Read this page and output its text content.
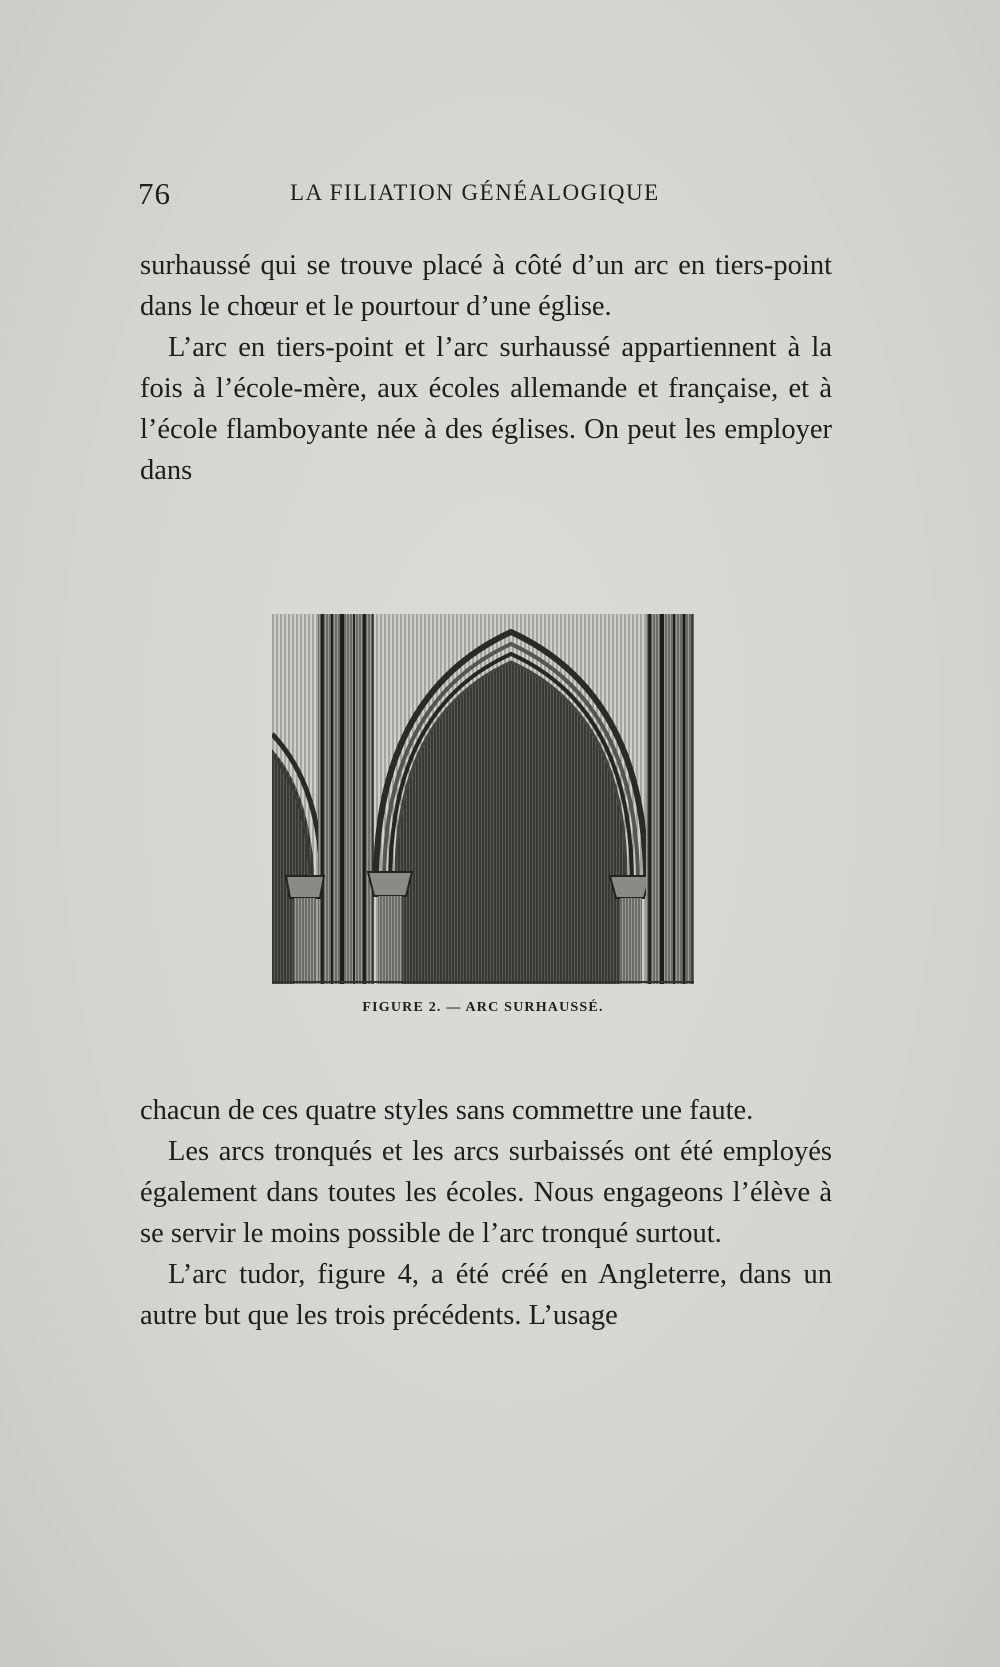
76	LA FILIATION GÉNÉALOGIQUE

surhaussé qui se trouve placé à côté d’un arc en tiers-point dans le chœur et le pourtour d’une église.

L’arc en tiers-point et l’arc surhaussé appartiennent à la fois à l’école-mère, aux écoles allemande et française, et à l’école flamboyante née à des églises. On peut les employer dans

FIGURE 2. — ARC SURHAUSSÉ.

chacun de ces quatre styles sans commettre une faute.

Les arcs tronqués et les arcs surbaissés ont été employés également dans toutes les écoles. Nous engageons l’élève à se servir le moins possible de l’arc tronqué surtout.

L’arc tudor, figure 4, a été créé en Angleterre, dans un autre but que les trois précédents. L’usage
